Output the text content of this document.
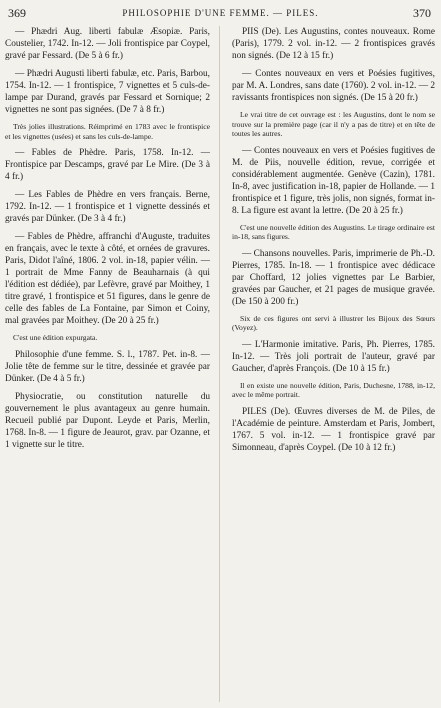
369	PHILOSOPHIE D'UNE FEMME. — PILES.	370

— Phædri Aug. liberti fabulæ Æsopiæ. Paris, Coustelier, 1742. In-12. — Joli frontispice par Coypel, gravé par Fessard. (De 5 à 6 fr.)

— Phædri Augusti liberti fabulæ, etc. Paris, Barbou, 1754. In-12. — 1 frontispice, 7 vignettes et 5 culs-de-lampe par Durand, gravés par Fessard et Sornique; 2 vignettes ne sont pas signées. (De 7 à 8 fr.)

Très jolies illustrations. Réimprimé en 1783 avec le frontispice et les vignettes (usées) et sans les culs-de-lampe.

— Fables de Phèdre. Paris, 1758. In-12. — Frontispice par Descamps, gravé par Le Mire. (De 3 à 4 fr.)

— Les Fables de Phèdre en vers français. Berne, 1792. In-12. — 1 frontispice et 1 vignette dessinés et gravés par Dünker. (De 3 à 4 fr.)

— Fables de Phèdre, affranchi d'Auguste, traduites en français, avec le texte à côté, et ornées de gravures. Paris, Didot l'aîné, 1806. 2 vol. in-18, papier vélin. — 1 portrait de Mme Fanny de Beauharnais (à qui l'édition est dédiée), par Lefèvre, gravé par Moithey, 1 titre gravé, 1 frontispice et 51 figures, dans le genre de celle des fables de La Fontaine, par Simon et Coiny, mal gravées par Moithey. (De 20 à 25 fr.)

C'est une édition expurgata.

Philosophie d'une femme. S. l., 1787. Pet. in-8. — Jolie tête de femme sur le titre, dessinée et gravée par Dünker. (De 4 à 5 fr.)

Physiocratie, ou constitution naturelle du gouvernement le plus avantageux au genre humain. Recueil publié par Dupont. Leyde et Paris, Merlin, 1768. In-8. — 1 figure de Jeaurot, grav. par Ozanne, et 1 vignette sur le titre.

PIIS (De). Les Augustins, contes nouveaux. Rome (Paris), 1779. 2 vol. in-12. — 2 frontispices gravés non signés. (De 12 à 15 fr.)

— Contes nouveaux en vers et Poésies fugitives, par M. A. Londres, sans date (1760). 2 vol. in-12. — 2 ravissants frontispices non signés. (De 15 à 20 fr.)

Le vrai titre de cet ouvrage est : les Augustins, dont le nom se trouve sur la première page (car il n'y a pas de titre) et en tête de toutes les autres.

— Contes nouveaux en vers et Poésies fugitives de M. de Piis, nouvelle édition, revue, corrigée et considérablement augmentée. Genève (Cazin), 1781. In-8, avec justification in-18, papier de Hollande. — 1 frontispice et 1 figure, très jolis, non signés, format in-8. La figure est avant la lettre. (De 20 à 25 fr.)

C'est une nouvelle édition des Augustins. Le tirage ordinaire est in-18, sans figures.

— Chansons nouvelles. Paris, imprimerie de Ph.-D. Pierres, 1785. In-18. — 1 frontispice avec dédicace par Choffard, 12 jolies vignettes par Le Barbier, gravées par Gaucher, et 21 pages de musique gravée. (De 150 à 200 fr.)

Six de ces figures ont servi à illustrer les Bijoux des Sœurs (Voyez).

— L'Harmonie imitative. Paris, Ph. Pierres, 1785. In-12. — Très joli portrait de l'auteur, gravé par Gaucher, d'après François. (De 10 à 15 fr.)

Il en existe une nouvelle édition, Paris, Duchesne, 1788, in-12, avec le même portrait.

PILES (De). Œuvres diverses de M. de Piles, de l'Académie de peinture. Amsterdam et Paris, Jombert, 1767. 5 vol. in-12. — 1 frontispice gravé par Simonneau, d'après Coypel. (De 10 à 12 fr.)
